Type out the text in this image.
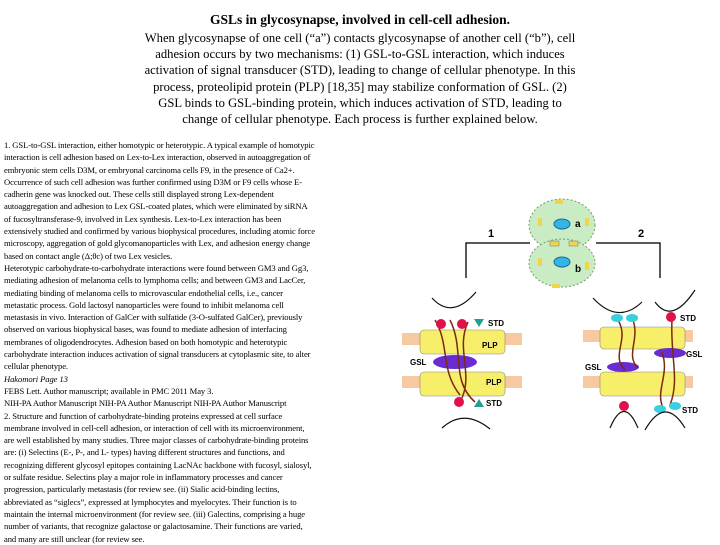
GSLs in glycosynapse, involved in cell-cell adhesion.
When glycosynapse of one cell (“a”) contacts glycosynapse of another cell (“b”), cell adhesion occurs by two mechanisms: (1) GSL-to-GSL interaction, which induces activation of signal transducer (STD), leading to change of cellular phenotype. In this process, proteolipid protein (PLP) [18,35] may stabilize conformation of GSL. (2) GSL binds to GSL-binding protein, which induces activation of STD, leading to change of cellular phenotype. Each process is further explained below.

1. GSL-to-GSL interaction, either homotypic or heterotypic. A typical example of homotypic interaction is cell adhesion based on Lex-to-Lex interaction, observed in autoaggregation of embryonic stem cells D3M, or embryonal carcinoma cells F9, in the presence of Ca2+. Occurrence of such cell adhesion was further confirmed using D3M or F9 cells whose E-cadherin gene was knocked out. These cells still displayed strong Lex-dependent autoaggregation and adhesion to Lex GSL-coated plates, which were eliminated by siRNA of fucosyltransferase-9, involved in Lex synthesis. Lex-to-Lex interaction has been extensively studied and confirmed by various biophysical procedures, including atomic force microscopy, aggregation of gold glycomanoparticles with Lex, and adhesion energy change based on contact angle (Δ;θc) of two Lex vesicles.

Heterotypic carbohydrate-to-carbohydrate interactions were found between GM3 and Gg3, mediating adhesion of melanoma cells to lymphoma cells; and between GM3 and LacCer, mediating binding of melanoma cells to microvascular endothelial cells, i.e., cancer metastatic process. Gold lactosyl nanoparticles were found to inhibit melanoma cell metastasis in vivo. Interaction of GalCer with sulfatide (3-O-sulfated GalCer), previously observed on various biophysical bases, was found to mediate adhesion of interfacing membranes of oligodendrocytes. Adhesion based on both homotypic and heterotypic carbohydrate interaction induces activation of signal transducers at cytoplasmic site, to alter cellular phenotype.

Hakomori Page 13

FEBS Lett. Author manuscript; available in PMC 2011 May 3.

NIH-PA Author Manuscript NIH-PA Author Manuscript NIH-PA Author Manuscript

2. Structure and function of carbohydrate-binding proteins expressed at cell surface membrane involved in cell-cell adhesion, or interaction of cell with its microenvironment, are well established by many studies. Three major classes of carbohydrate-binding proteins are: (i) Selectins (E-, P-, and L- types) having different structures and functions, and recognizing different glycosyl epitopes containing LacNAc backbone with fucosyl, sialosyl, or sulfate residue. Selectins play a major role in inflammatory processes and cancer progression, particularly metastasis (for review see. (ii) Sialic acid-binding lectins, abbreviated as “siglecs”, expressed at lymphocytes and myelocytes. Their function is to maintain the internal microenvironment (for review see. (iii) Galectins, comprising a huge number of variants, that recognize galactose or galactosamine. Their functions are varied, and many are still unclear (for review see.

a
b
1	2
STD
PLP
GSL
PLP
STD
STD
GSL
GSL
STD
